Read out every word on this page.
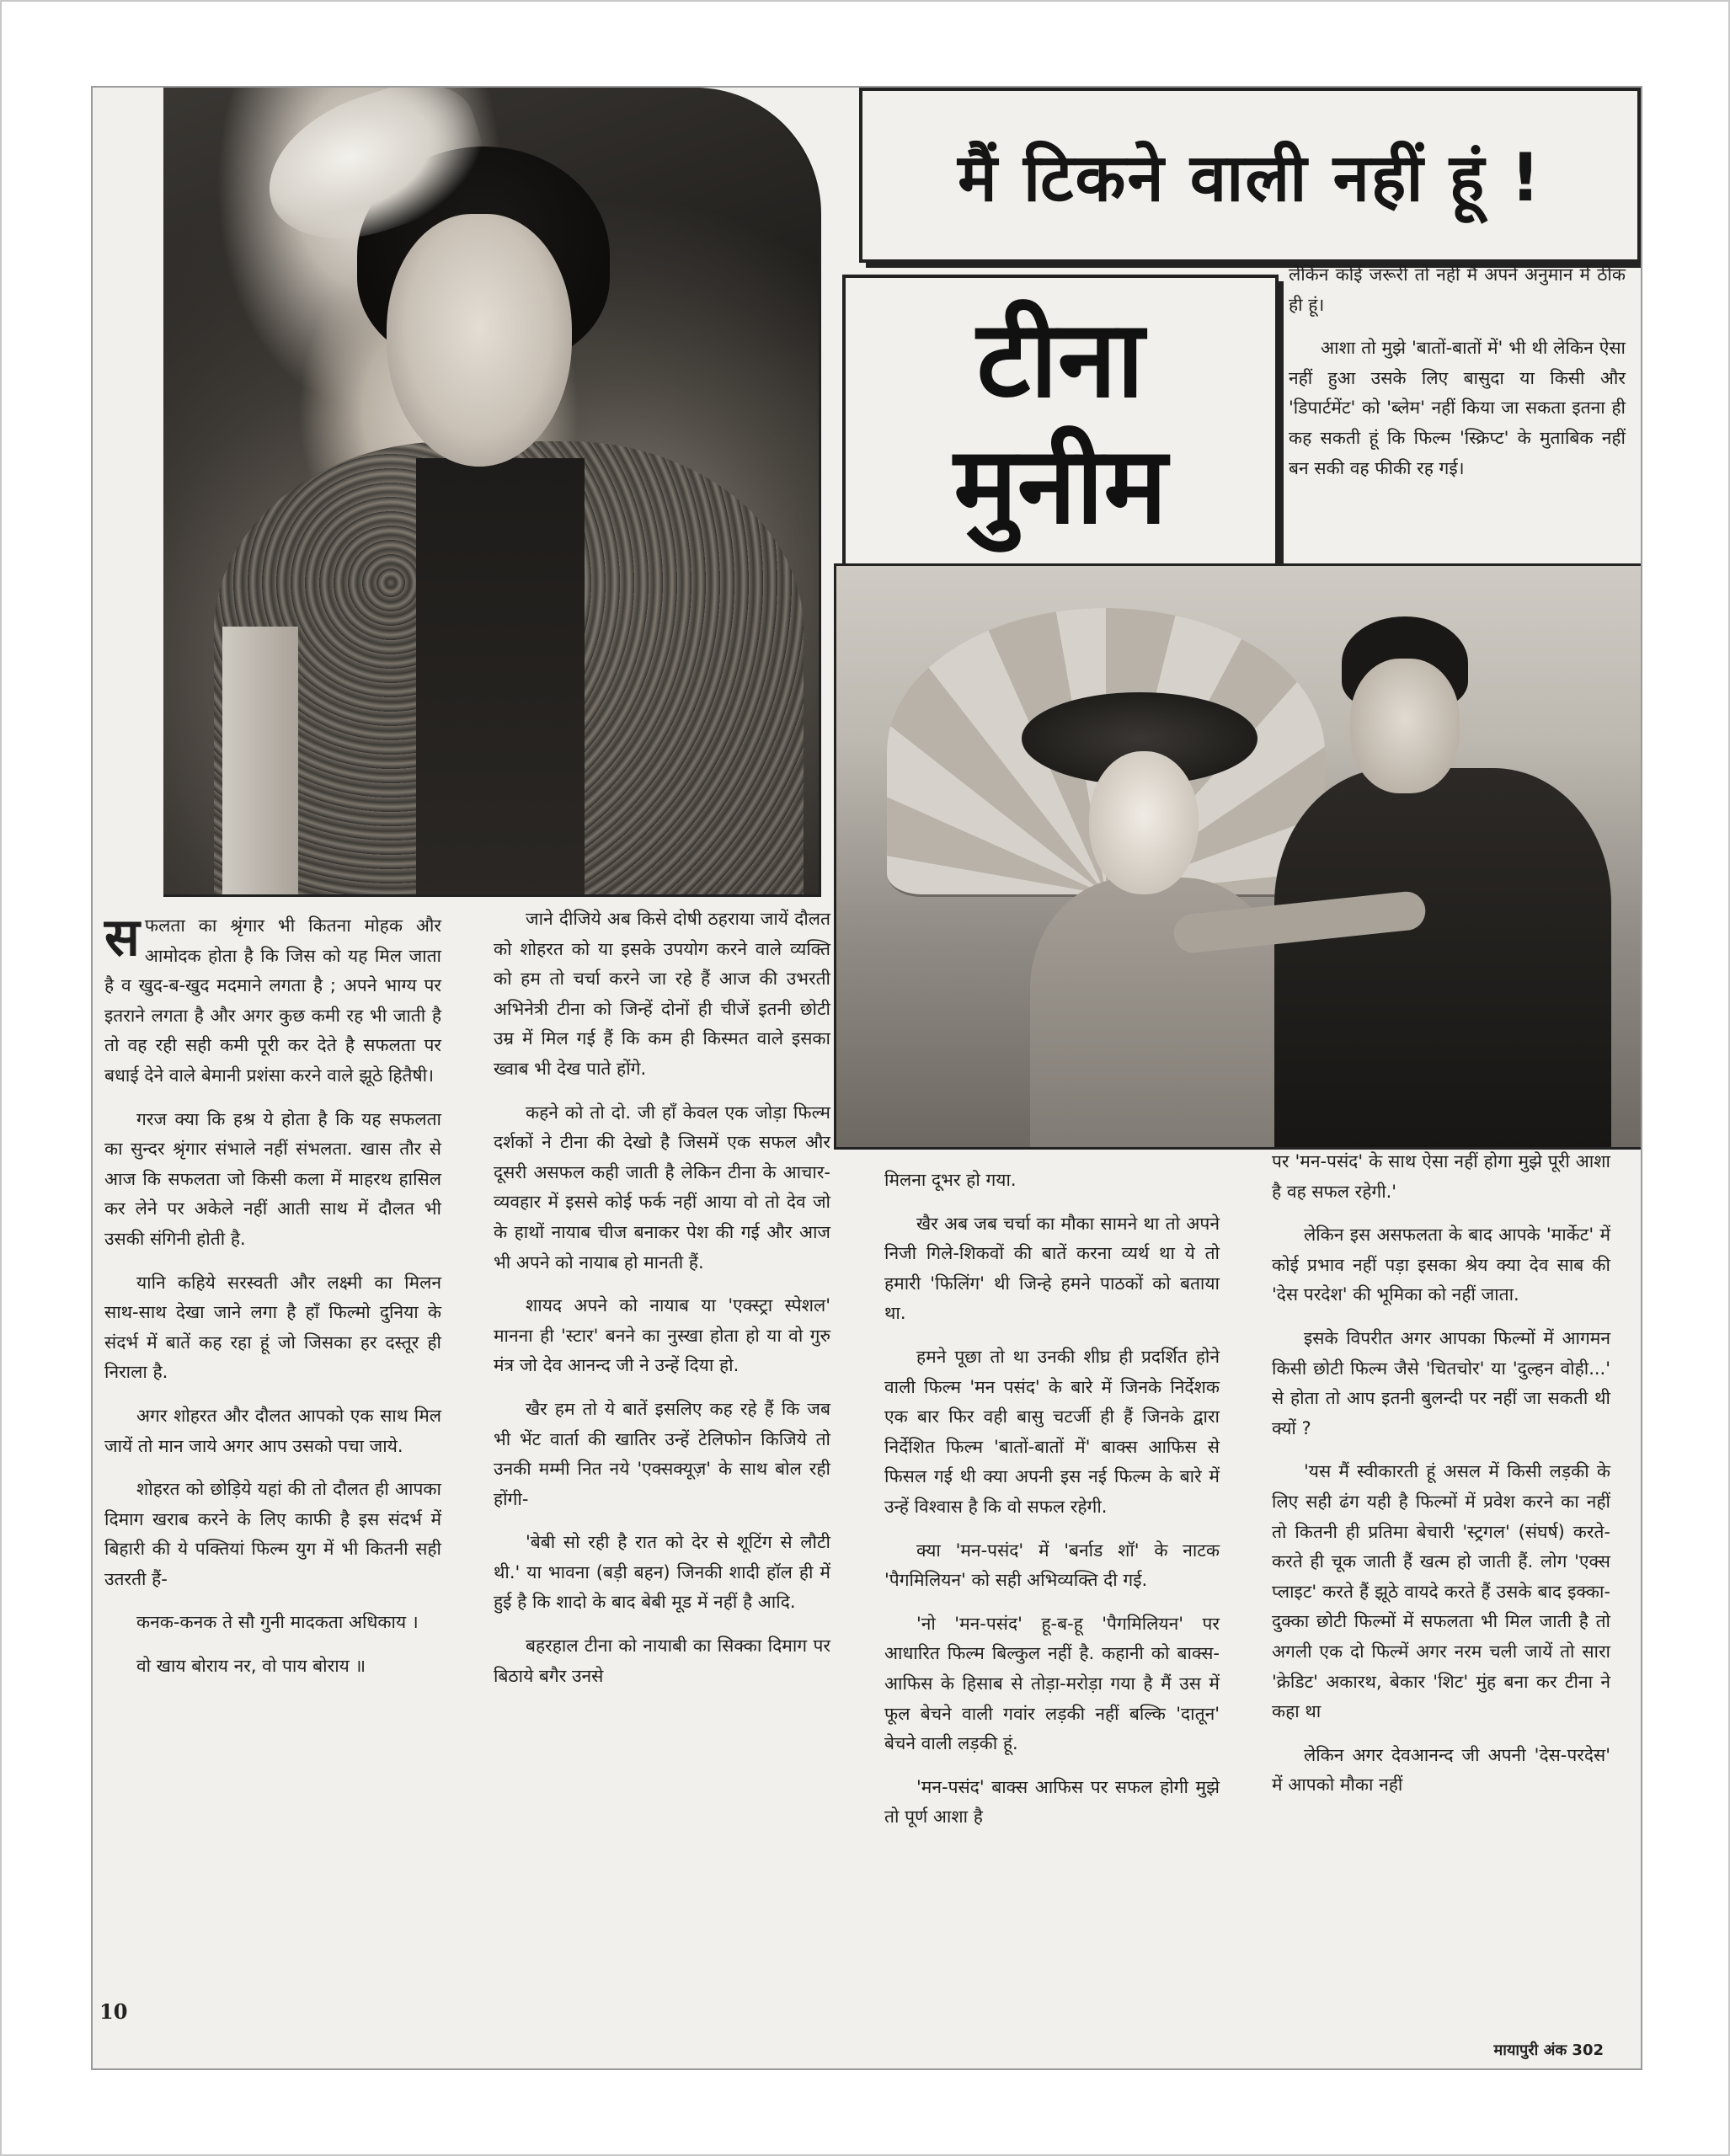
मैं टिकने वाली नहीं हूं !
टीना
मुनीम

लेकिन कोई जरूरी तो नहीं मैं अपने अनुमान में ठीक ही हूं।

आशा तो मुझे 'बातों-बातों में' भी थी लेकिन ऐसा नहीं हुआ उसके लिए बासुदा या किसी और 'डिपार्टमेंट' को 'ब्लेम' नहीं किया जा सकता इतना ही कह सकती हूं कि फिल्म 'स्क्रिप्ट' के मुताबिक नहीं बन सकी वह फीकी रह गई।

सफलता का श्रृंगार भी कितना मोहक और आमोदक होता है कि जिस को यह मिल जाता है व खुद-ब-खुद मदमाने लगता है ; अपने भाग्य पर इतराने लगता है और अगर कुछ कमी रह भी जाती है तो वह रही सही कमी पूरी कर देते है सफलता पर बधाई देने वाले बेमानी प्रशंसा करने वाले झूठे हितैषी।

गरज क्या कि हश्र ये होता है कि यह सफलता का सुन्दर श्रृंगार संभाले नहीं संभलता. खास तौर से आज कि सफलता जो किसी कला में माहरथ हासिल कर लेने पर अकेले नहीं आती साथ में दौलत भी उसकी संगिनी होती है.

यानि कहिये सरस्वती और लक्ष्मी का मिलन साथ-साथ देखा जाने लगा है हाँ फिल्मो दुनिया के संदर्भ में बातें कह रहा हूं जो जिसका हर दस्तूर ही निराला है.

अगर शोहरत और दौलत आपको एक साथ मिल जायें तो मान जाये अगर आप उसको पचा जाये.

शोहरत को छोड़िये यहां की तो दौलत ही आपका दिमाग खराब करने के लिए काफी है इस संदर्भ में बिहारी की ये पक्तियां फिल्म युग में भी कितनी सही उतरती हैं-

कनक-कनक ते सौ गुनी मादकता अधिकाय ।

वो खाय बोराय नर, वो पाय बोराय ॥

जाने दीजिये अब किसे दोषी ठहराया जायें दौलत को शोहरत को या इसके उपयोग करने वाले व्यक्ति को हम तो चर्चा करने जा रहे हैं आज की उभरती अभिनेत्री टीना को जिन्हें दोनों ही चीजें इतनी छोटी उम्र में मिल गई हैं कि कम ही किस्मत वाले इसका ख्वाब भी देख पाते होंगे.

कहने को तो दो. जी हाँ केवल एक जोड़ा फिल्म दर्शकों ने टीना की देखो है जिसमें एक सफल और दूसरी असफल कही जाती है लेकिन टीना के आचार-व्यवहार में इससे कोई फर्क नहीं आया वो तो देव जो के हाथों नायाब चीज बनाकर पेश की गई और आज भी अपने को नायाब हो मानती हैं.

शायद अपने को नायाब या 'एक्स्ट्रा स्पेशल' मानना ही 'स्टार' बनने का नुस्खा होता हो या वो गुरु मंत्र जो देव आनन्द जी ने उन्हें दिया हो.

खैर हम तो ये बातें इसलिए कह रहे हैं कि जब भी भेंट वार्ता की खातिर उन्हें टेलिफोन किजिये तो उनकी मम्मी नित नये 'एक्सक्यूज़' के साथ बोल रही होंगी-

'बेबी सो रही है रात को देर से शूटिंग से लौटी थी.' या भावना (बड़ी बहन) जिनकी शादी हॉल ही में हुई है कि शादो के बाद बेबी मूड में नहीं है आदि.

बहरहाल टीना को नायाबी का सिक्का दिमाग पर बिठाये बगैर उनसे

मिलना दूभर हो गया.

खैर अब जब चर्चा का मौका सामने था तो अपने निजी गिले-शिकवों की बातें करना व्यर्थ था ये तो हमारी 'फिलिंग' थी जिन्हे हमने पाठकों को बताया था.

हमने पूछा तो था उनकी शीघ्र ही प्रदर्शित होने वाली फिल्म 'मन पसंद' के बारे में जिनके निर्देशक एक बार फिर वही बासु चटर्जी ही हैं जिनके द्वारा निर्देशित फिल्म 'बातों-बातों में' बाक्स आफिस से फिसल गई थी क्या अपनी इस नई फिल्म के बारे में उन्हें विश्वास है कि वो सफल रहेगी.

क्या 'मन-पसंद' में 'बर्नाड शॉ' के नाटक 'पैगमिलियन' को सही अभिव्यक्ति दी गई.

'नो 'मन-पसंद' हू-ब-हू 'पैगमिलियन' पर आधारित फिल्म बिल्कुल नहीं है. कहानी को बाक्स-आफिस के हिसाब से तोड़ा-मरोड़ा गया है मैं उस में फूल बेचने वाली गवांर लड़की नहीं बल्कि 'दातून' बेचने वाली लड़की हूं.

'मन-पसंद' बाक्स आफिस पर सफल होगी मुझे तो पूर्ण आशा है

पर 'मन-पसंद' के साथ ऐसा नहीं होगा मुझे पूरी आशा है वह सफल रहेगी.'

लेकिन इस असफलता के बाद आपके 'मार्केट' में कोई प्रभाव नहीं पड़ा इसका श्रेय क्या देव साब की 'देस परदेश' की भूमिका को नहीं जाता.

इसके विपरीत अगर आपका फिल्मों में आगमन किसी छोटी फिल्म जैसे 'चितचोर' या 'दुल्हन वोही...' से होता तो आप इतनी बुलन्दी पर नहीं जा सकती थी क्यों ?

'यस मैं स्वीकारती हूं असल में किसी लड़की के लिए सही ढंग यही है फिल्मों में प्रवेश करने का नहीं तो कितनी ही प्रतिमा बेचारी 'स्ट्रगल' (संघर्ष) करते-करते ही चूक जाती हैं खत्म हो जाती हैं. लोग 'एक्स प्लाइट' करते हैं झूठे वायदे करते हैं उसके बाद इक्का-दुक्का छोटी फिल्मों में सफलता भी मिल जाती है तो अगली एक दो फिल्में अगर नरम चली जायें तो सारा 'क्रेडिट' अकारथ, बेकार 'शिट' मुंह बना कर टीना ने कहा था

लेकिन अगर देवआनन्द जी अपनी 'देस-परदेस' में आपको मौका नहीं

10
मायापुरी अंक 302
